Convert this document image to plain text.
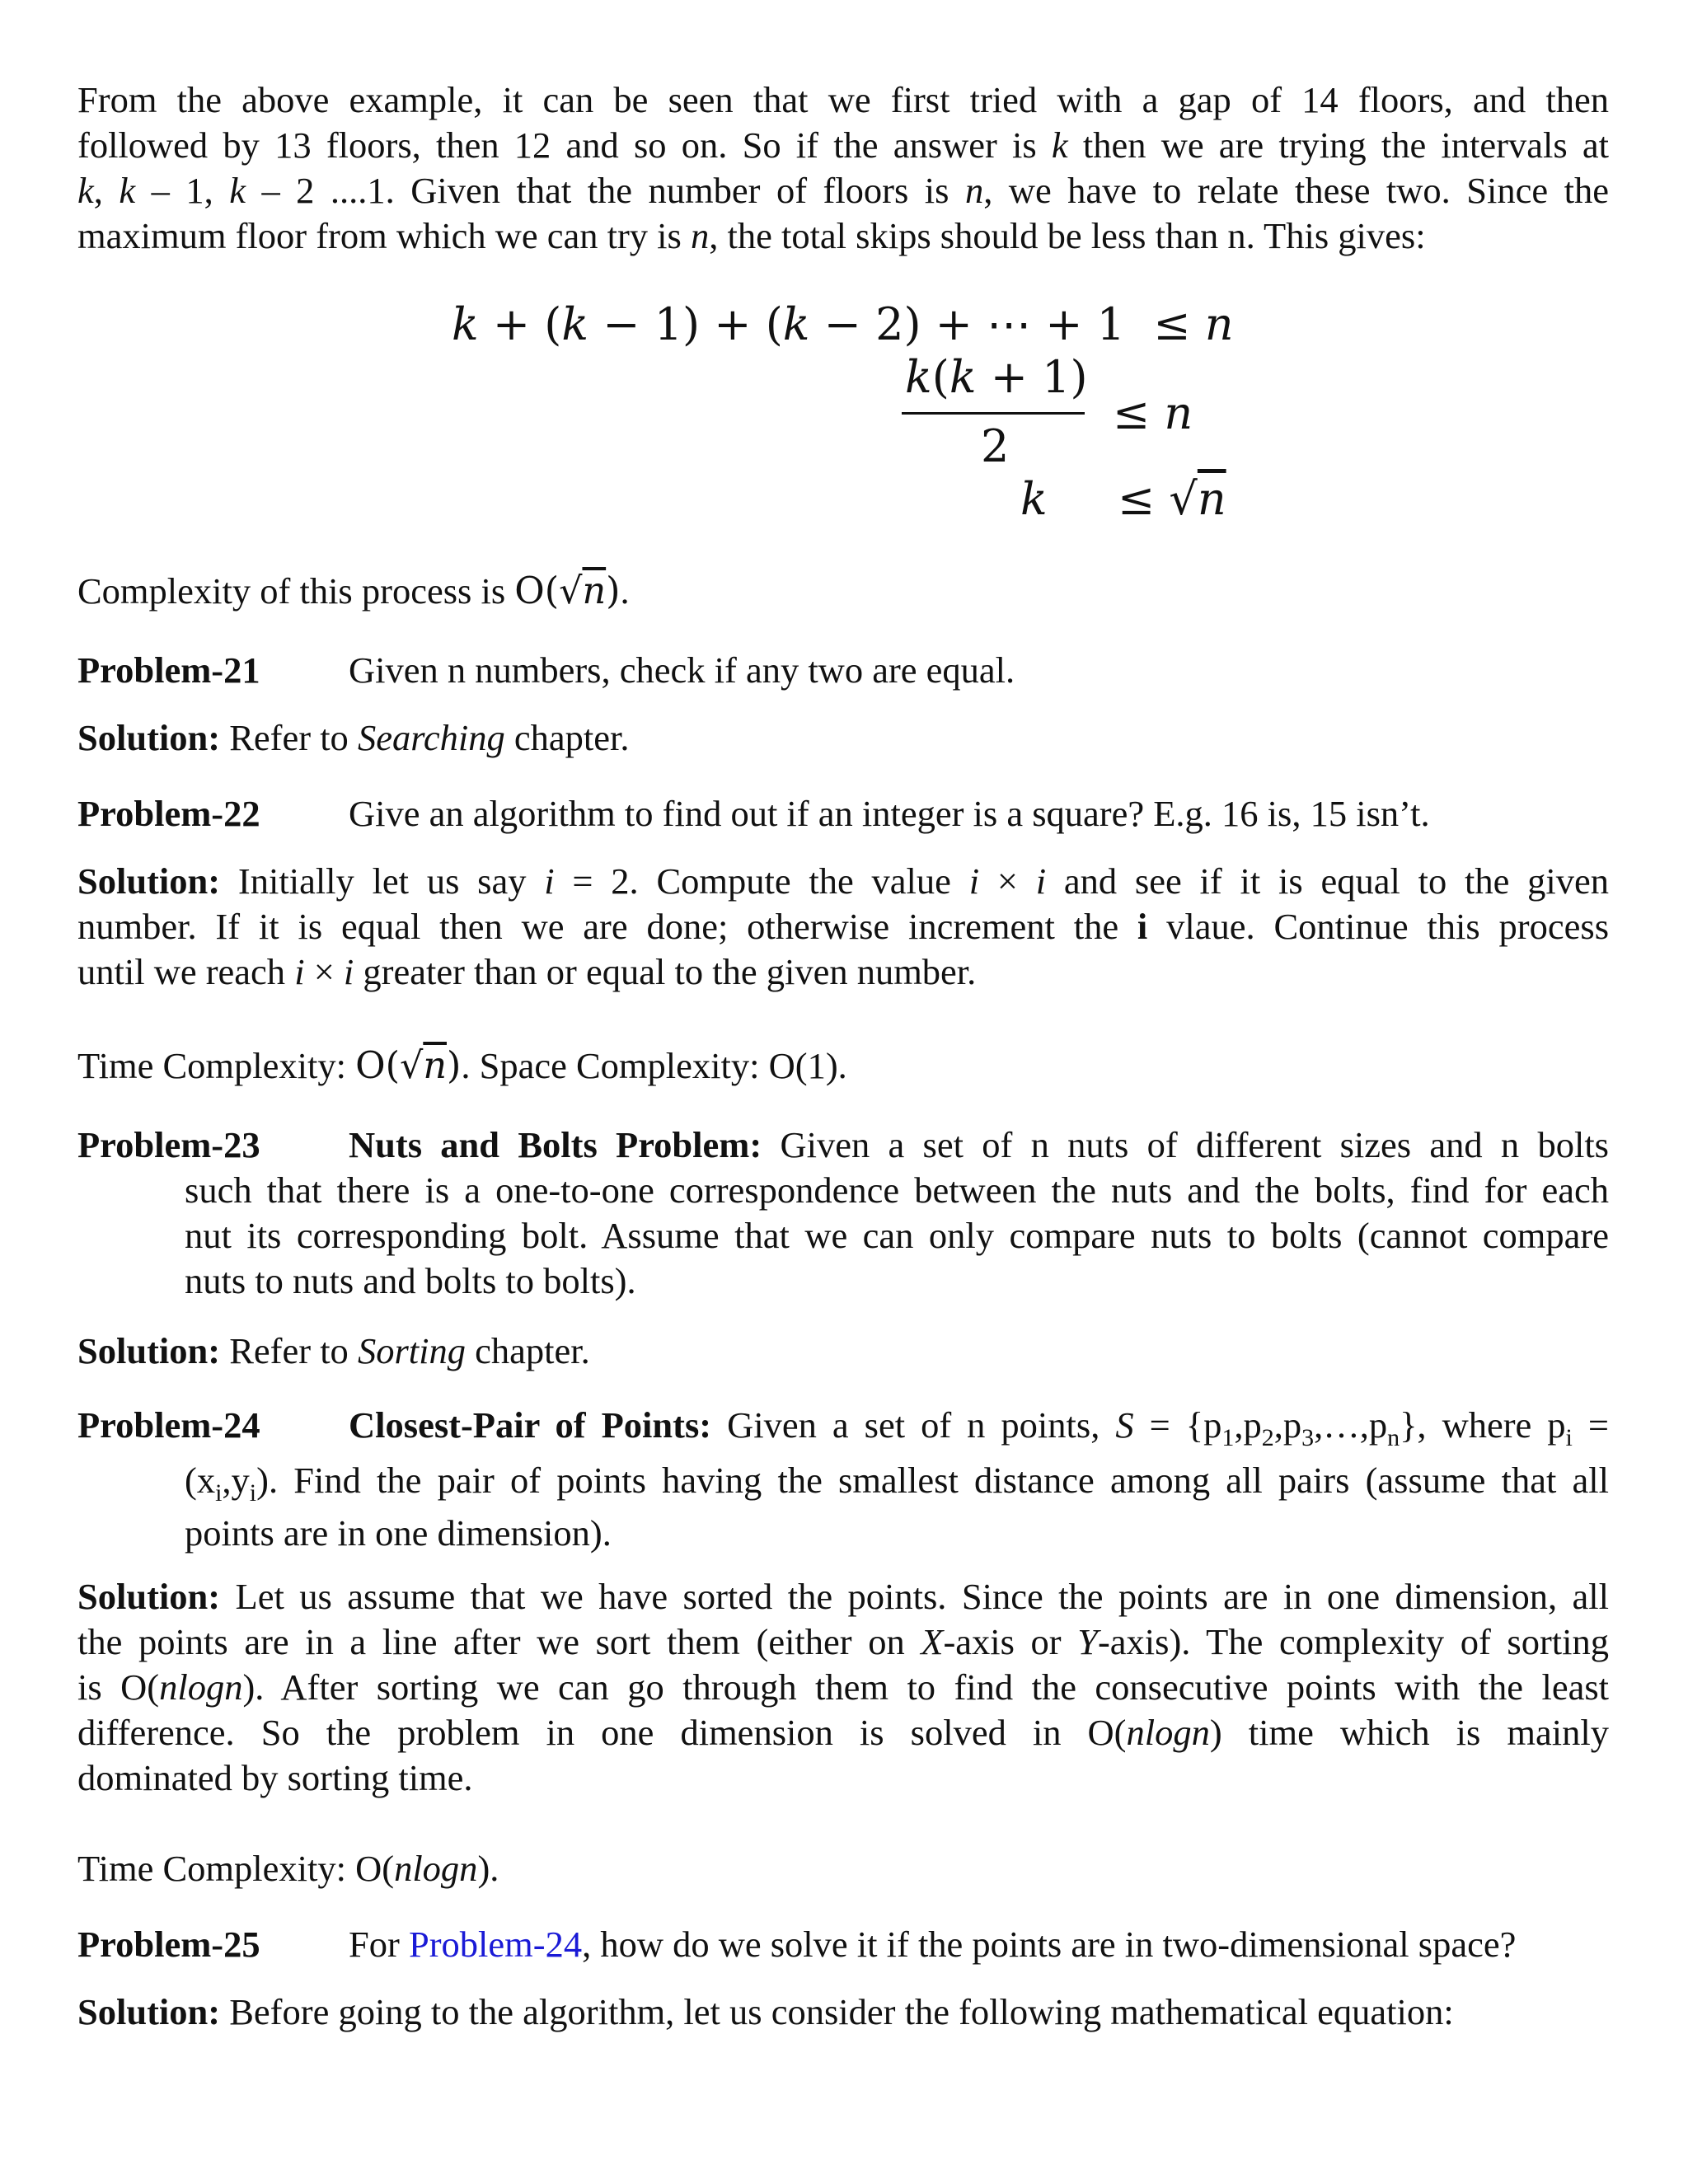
From the above example, it can be seen that we first tried with a gap of 14 floors, and then
followed by 13 floors, then 12 and so on. So if the answer is k then we are trying the intervals at
k, k – 1, k – 2 ....1. Given that the number of floors is n, we have to relate these two. Since the
maximum floor from which we can try is n, the total skips should be less than n. This gives:
k + (k − 1) + (k − 2) + ⋯ + 1  ≤ n
k(k + 1)
2
≤ n
k ≤ √n
Complexity of this process is O(√n).
Problem-21 Given n numbers, check if any two are equal.
Solution: Refer to Searching chapter.
Problem-22 Give an algorithm to find out if an integer is a square? E.g. 16 is, 15 isn’t.
Solution: Initially let us say i = 2. Compute the value i × i and see if it is equal to the given
number. If it is equal then we are done; otherwise increment the i vlaue. Continue this process
until we reach i × i greater than or equal to the given number.
Time Complexity: O(√n). Space Complexity: O(1).
Problem-23 Nuts and Bolts Problem: Given a set of n nuts of different sizes and n bolts
such that there is a one-to-one correspondence between the nuts and the bolts, find for each
nut its corresponding bolt. Assume that we can only compare nuts to bolts (cannot compare
nuts to nuts and bolts to bolts).
Solution: Refer to Sorting chapter.
Problem-24 Closest-Pair of Points: Given a set of n points, $S = \{p_1,p_2,p_3,\dots,p_n\}$, where $p_i$ =
$(x_i,y_i)$. Find the pair of points having the smallest distance among all pairs (assume that all
points are in one dimension).
Solution: Let us assume that we have sorted the points. Since the points are in one dimension, all
the points are in a line after we sort them (either on X-axis or Y-axis). The complexity of sorting
is O(nlogn). After sorting we can go through them to find the consecutive points with the least
difference. So the problem in one dimension is solved in O(nlogn) time which is mainly
dominated by sorting time.
Time Complexity: O(nlogn).
Problem-25 For Problem-24, how do we solve it if the points are in two-dimensional space?
Solution: Before going to the algorithm, let us consider the following mathematical equation:
